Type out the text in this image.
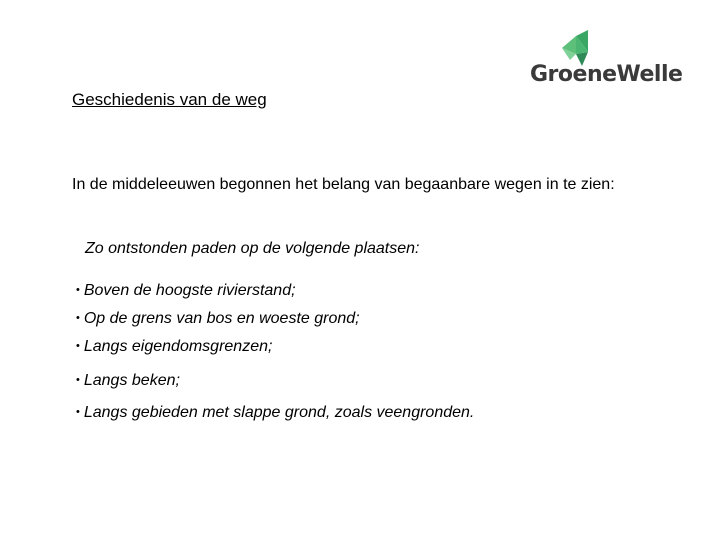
GroeneWelle
Geschiedenis van de weg
In de middeleeuwen begonnen het belang van begaanbare wegen in te zien:
Zo ontstonden paden op de volgende plaatsen:
• Boven de hoogste rivierstand;
• Op de grens van bos en woeste grond;
• Langs eigendomsgrenzen;
• Langs beken;
• Langs gebieden met slappe grond, zoals veengronden.
